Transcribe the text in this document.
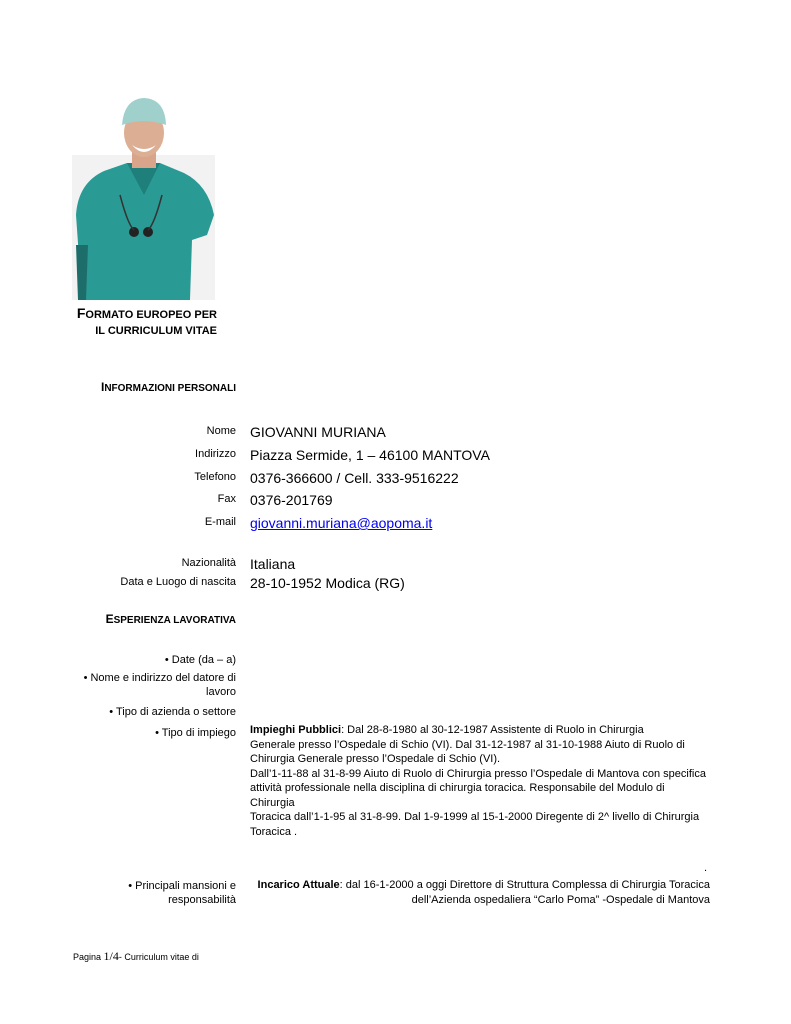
FORMATO EUROPEO PER
IL CURRICULUM VITAE
INFORMAZIONI PERSONALI
Nome GIOVANNI MURIANA
Indirizzo Piazza Sermide, 1 – 46100 MANTOVA
Telefono 0376-366600 / Cell. 333-9516222
Fax 0376-201769
E-mail giovanni.muriana@aopoma.it
Nazionalità Italiana
Data e Luogo di nascita 28-10-1952 Modica (RG)
ESPERIENZA LAVORATIVA
• Date (da – a)
• Nome e indirizzo del datore di
lavoro
• Tipo di azienda o settore
• Tipo di impiego Impieghi Pubblici: Dal 28-8-1980 al 30-12-1987 Assistente di Ruolo in Chirurgia
Generale presso l’Ospedale di Schio (VI). Dal 31-12-1987 al 31-10-1988 Aiuto di Ruolo di
Chirurgia Generale presso l’Ospedale di Schio (VI).
Dall’1-11-88 al 31-8-99 Aiuto di Ruolo di Chirurgia presso l’Ospedale di Mantova con specifica
attività professionale nella disciplina di chirurgia toracica. Responsabile del Modulo di Chirurgia
Toracica dall’1-1-95 al 31-8-99. Dal 1-9-1999 al 15-1-2000 Diregente di 2^ livello di Chirurgia
Toracica .
.
• Principali mansioni e
responsabilità
Incarico Attuale: dal 16-1-2000 a oggi Direttore di Struttura Complessa di Chirurgia Toracica
dell’Azienda ospedaliera “Carlo Poma” -Ospedale di Mantova
Pagina 1/4- Curriculum vitae di
